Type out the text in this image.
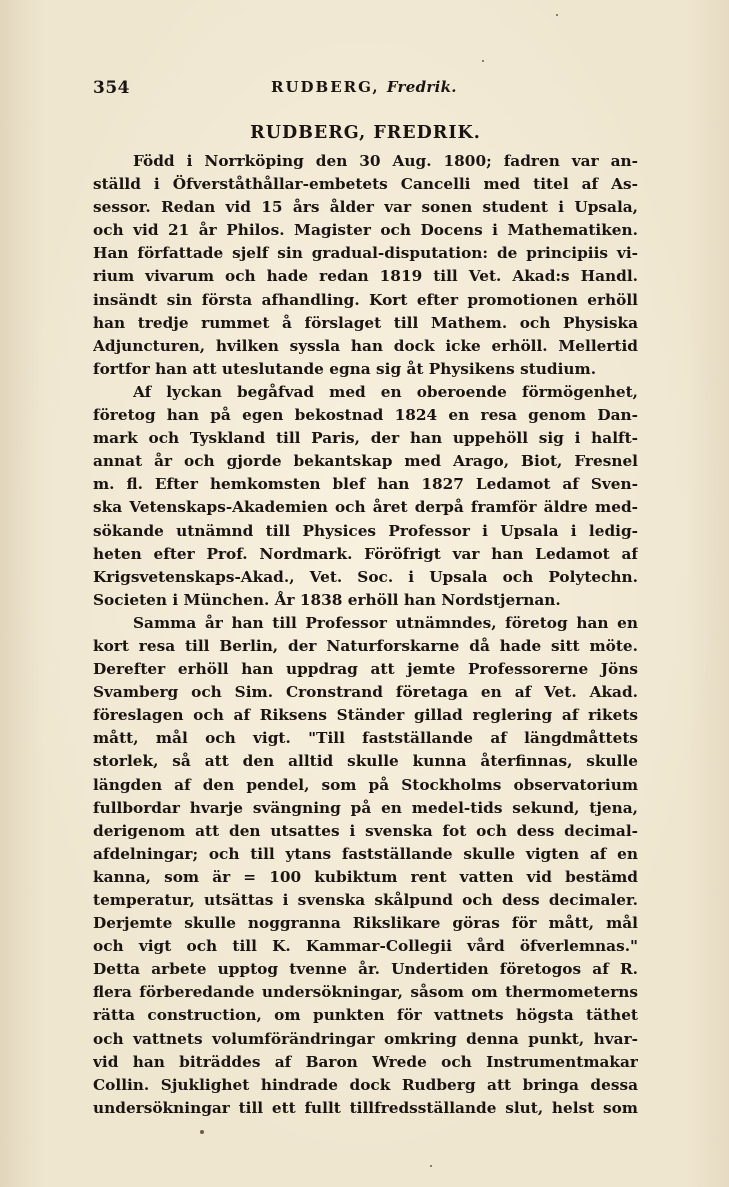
354	RUDBERG, Fredrik.
RUDBERG, FREDRIK.
Född i Norrköping den 30 Aug. 1800; fadren var an-
ställd i Öfverståthållar-embetets Cancelli med titel af As-
sessor. Redan vid 15 års ålder var sonen student i Upsala,
och vid 21 år Philos. Magister och Docens i Mathematiken.
Han författade sjelf sin gradual-disputation: de principiis vi-
rium vivarum och hade redan 1819 till Vet. Akad:s Handl.
insändt sin första afhandling. Kort efter promotionen erhöll
han tredje rummet å förslaget till Mathem. och Physiska
Adjuncturen, hvilken syssla han dock icke erhöll. Mellertid
fortfor han att uteslutande egna sig åt Physikens studium.
Af lyckan begåfvad med en oberoende förmögenhet,
företog han på egen bekostnad 1824 en resa genom Dan-
mark och Tyskland till Paris, der han uppehöll sig i halft-
annat år och gjorde bekantskap med Arago, Biot, Fresnel
m. fl. Efter hemkomsten blef han 1827 Ledamot af Sven-
ska Vetenskaps-Akademien och året derpå framför äldre med-
sökande utnämnd till Physices Professor i Upsala i ledig-
heten efter Prof. Nordmark. Föröfrigt var han Ledamot af
Krigsvetenskaps-Akad., Vet. Soc. i Upsala och Polytechn.
Societen i München. År 1838 erhöll han Nordstjernan.
Samma år han till Professor utnämndes, företog han en
kort resa till Berlin, der Naturforskarne då hade sitt möte.
Derefter erhöll han uppdrag att jemte Professorerne Jöns
Svamberg och Sim. Cronstrand företaga en af Vet. Akad.
föreslagen och af Riksens Ständer gillad reglering af rikets
mått, mål och vigt. "Till fastställande af längdmåttets
storlek, så att den alltid skulle kunna återfinnas, skulle
längden af den pendel, som på Stockholms observatorium
fullbordar hvarje svängning på en medel-tids sekund, tjena,
derigenom att den utsattes i svenska fot och dess decimal-
afdelningar; och till ytans fastställande skulle vigten af en
kanna, som är = 100 kubiktum rent vatten vid bestämd
temperatur, utsättas i svenska skålpund och dess decimaler.
Derjemte skulle noggranna Rikslikare göras för mått, mål
och vigt och till K. Kammar-Collegii vård öfverlemnas."
Detta arbete upptog tvenne år. Undertiden företogos af R.
flera förberedande undersökningar, såsom om thermometerns
rätta construction, om punkten för vattnets högsta täthet
och vattnets volumförändringar omkring denna punkt, hvar-
vid han biträddes af Baron Wrede och Instrumentmakar
Collin. Sjuklighet hindrade dock Rudberg att bringa dessa
undersökningar till ett fullt tillfredsställande slut, helst som
